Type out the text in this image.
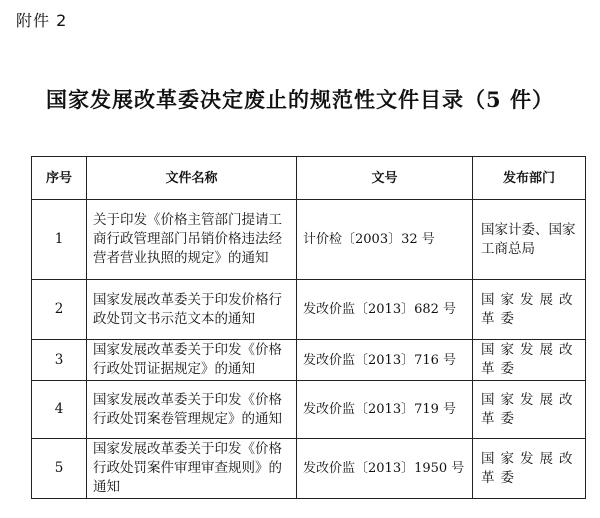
附件 2
国家发展改革委决定废止的规范性文件目录（5 件）
序号	文件名称	文号	发布部门
1	关于印发《价格主管部门提请工商行政管理部门吊销价格违法经营者营业执照的规定》的通知	计价检〔2003〕32 号	国家计委、国家工商总局
2	国家发展改革委关于印发价格行政处罚文书示范文本的通知	发改价监〔2013〕682 号	国家发展改革委
3	国家发展改革委关于印发《价格行政处罚证据规定》的通知	发改价监〔2013〕716 号	国家发展改革委
4	国家发展改革委关于印发《价格行政处罚案卷管理规定》的通知	发改价监〔2013〕719 号	国家发展改革委
5	国家发展改革委关于印发《价格行政处罚案件审理审查规则》的通知	发改价监〔2013〕1950 号	国家发展改革委
